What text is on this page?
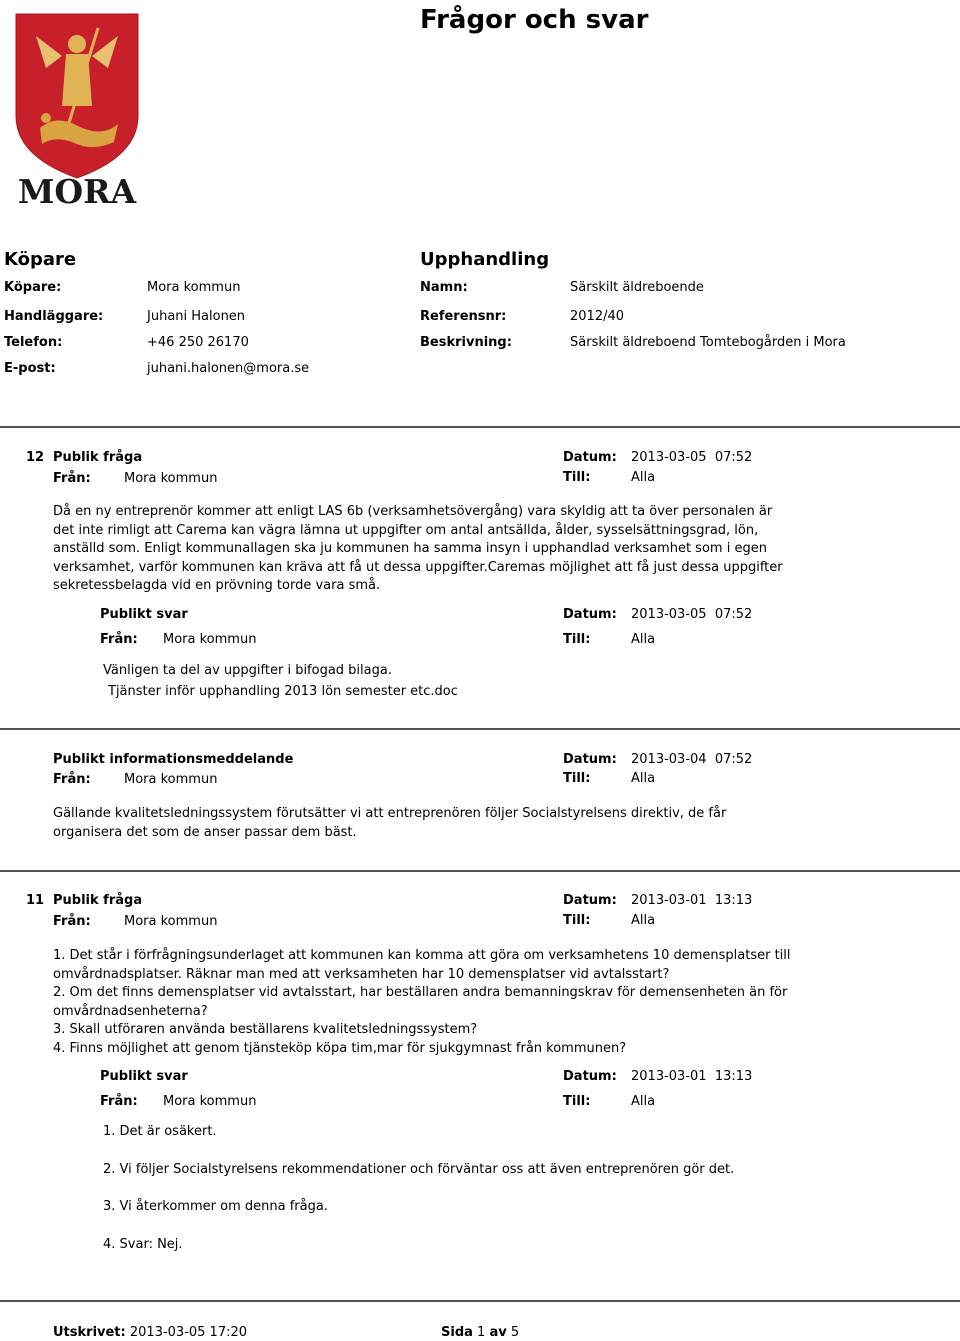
MORA
Frågor och svar
Köpare
Köpare:	Mora kommun
Handläggare:	Juhani Halonen
Telefon:	+46 250 26170
E-post:	juhani.halonen@mora.se
Upphandling
Namn:	Särskilt äldreboende
Referensnr:	2012/40
Beskrivning:	Särskilt äldreboend Tomtebogården i Mora
12 Publik fråga	Datum: 2013-03-05  07:52
Från:	Mora kommun	Till:	Alla
Då en ny entreprenör kommer att enligt LAS 6b (verksamhetsövergång) vara skyldig att ta över personalen är
det inte rimligt att Carema kan vägra lämna ut uppgifter om antal antsällda, ålder, sysselsättningsgrad, lön,
anställd som. Enligt kommunallagen ska ju kommunen ha samma insyn i upphandlad verksamhet som i egen
verksamhet, varför kommunen kan kräva att få ut dessa uppgifter.Caremas möjlighet att få just dessa uppgifter
sekretessbelagda vid en prövning torde vara små.
Publikt svar	Datum: 2013-03-05  07:52
Från: Mora kommun	Till:	Alla
Vänligen ta del av uppgifter i bifogad bilaga.
Tjänster inför upphandling 2013 lön semester etc.doc
Publikt informationsmeddelande	Datum: 2013-03-04  07:52
Från:	Mora kommun	Till:	Alla
Gällande kvalitetsledningssystem förutsätter vi att entreprenören följer Socialstyrelsens direktiv, de får
organisera det som de anser passar dem bäst.
11 Publik fråga	Datum: 2013-03-01  13:13
Från:	Mora kommun	Till:	Alla
1. Det står i förfrågningsunderlaget att kommunen kan komma att göra om verksamhetens 10 demensplatser till
omvårdnadsplatser. Räknar man med att verksamheten har 10 demensplatser vid avtalsstart?
2. Om det finns demensplatser vid avtalsstart, har beställaren andra bemanningskrav för demensenheten än för
omvårdnadsenheterna?
3. Skall utföraren använda beställarens kvalitetsledningssystem?
4. Finns möjlighet att genom tjänsteköp köpa tim,mar för sjukgymnast från kommunen?
Publikt svar	Datum: 2013-03-01  13:13
Från: Mora kommun	Till:	Alla
1. Det är osäkert.
2. Vi följer Socialstyrelsens rekommendationer och förväntar oss att även entreprenören gör det.
3. Vi återkommer om denna fråga.
4. Svar: Nej.
Utskrivet: 2013-03-05 17:20	Sida 1 av 5
